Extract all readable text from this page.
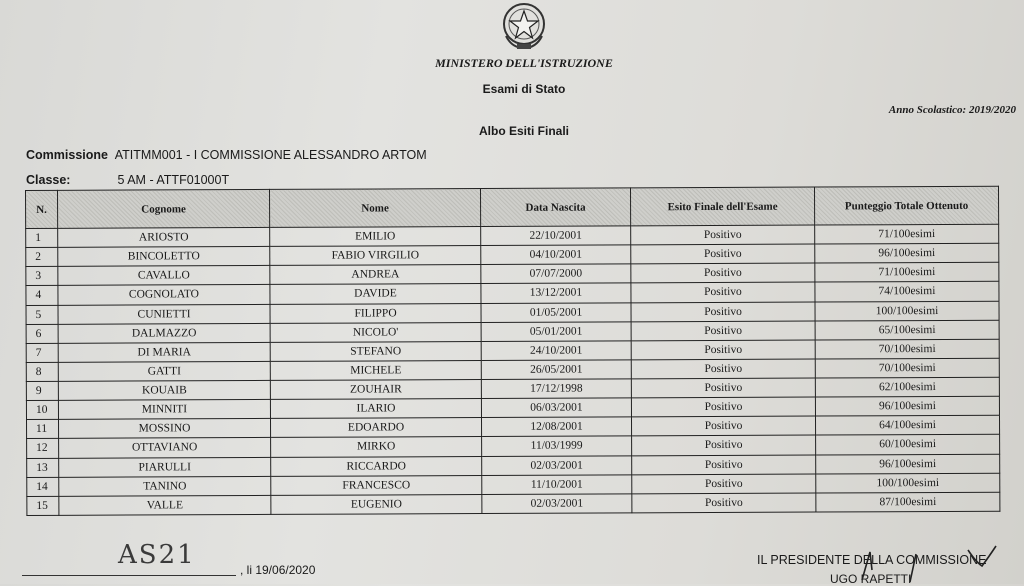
MINISTERO DELL'ISTRUZIONE
Esami di Stato
Anno Scolastico: 2019/2020
Albo Esiti Finali
Commissione ATITMM001 - I COMMISSIONE ALESSANDRO ARTOM
Classe:	5 AM - ATTF01000T
N.	Cognome	Nome	Data Nascita	Esito Finale dell'Esame	Punteggio Totale Ottenuto
1	ARIOSTO	EMILIO	22/10/2001	Positivo	71/100esimi
2	BINCOLETTO	FABIO VIRGILIO	04/10/2001	Positivo	96/100esimi
3	CAVALLO	ANDREA	07/07/2000	Positivo	71/100esimi
4	COGNOLATO	DAVIDE	13/12/2001	Positivo	74/100esimi
5	CUNIETTI	FILIPPO	01/05/2001	Positivo	100/100esimi
6	DALMAZZO	NICOLO'	05/01/2001	Positivo	65/100esimi
7	DI MARIA	STEFANO	24/10/2001	Positivo	70/100esimi
8	GATTI	MICHELE	26/05/2001	Positivo	70/100esimi
9	KOUAIB	ZOUHAIR	17/12/1998	Positivo	62/100esimi
10	MINNITI	ILARIO	06/03/2001	Positivo	96/100esimi
11	MOSSINO	EDOARDO	12/08/2001	Positivo	64/100esimi
12	OTTAVIANO	MIRKO	11/03/1999	Positivo	60/100esimi
13	PIARULLI	RICCARDO	02/03/2001	Positivo	96/100esimi
14	TANINO	FRANCESCO	11/10/2001	Positivo	100/100esimi
15	VALLE	EUGENIO	02/03/2001	Positivo	87/100esimi
AS21	, li 19/06/2020
IL PRESIDENTE DELLA COMMISSIONE
UGO RAPETTI
